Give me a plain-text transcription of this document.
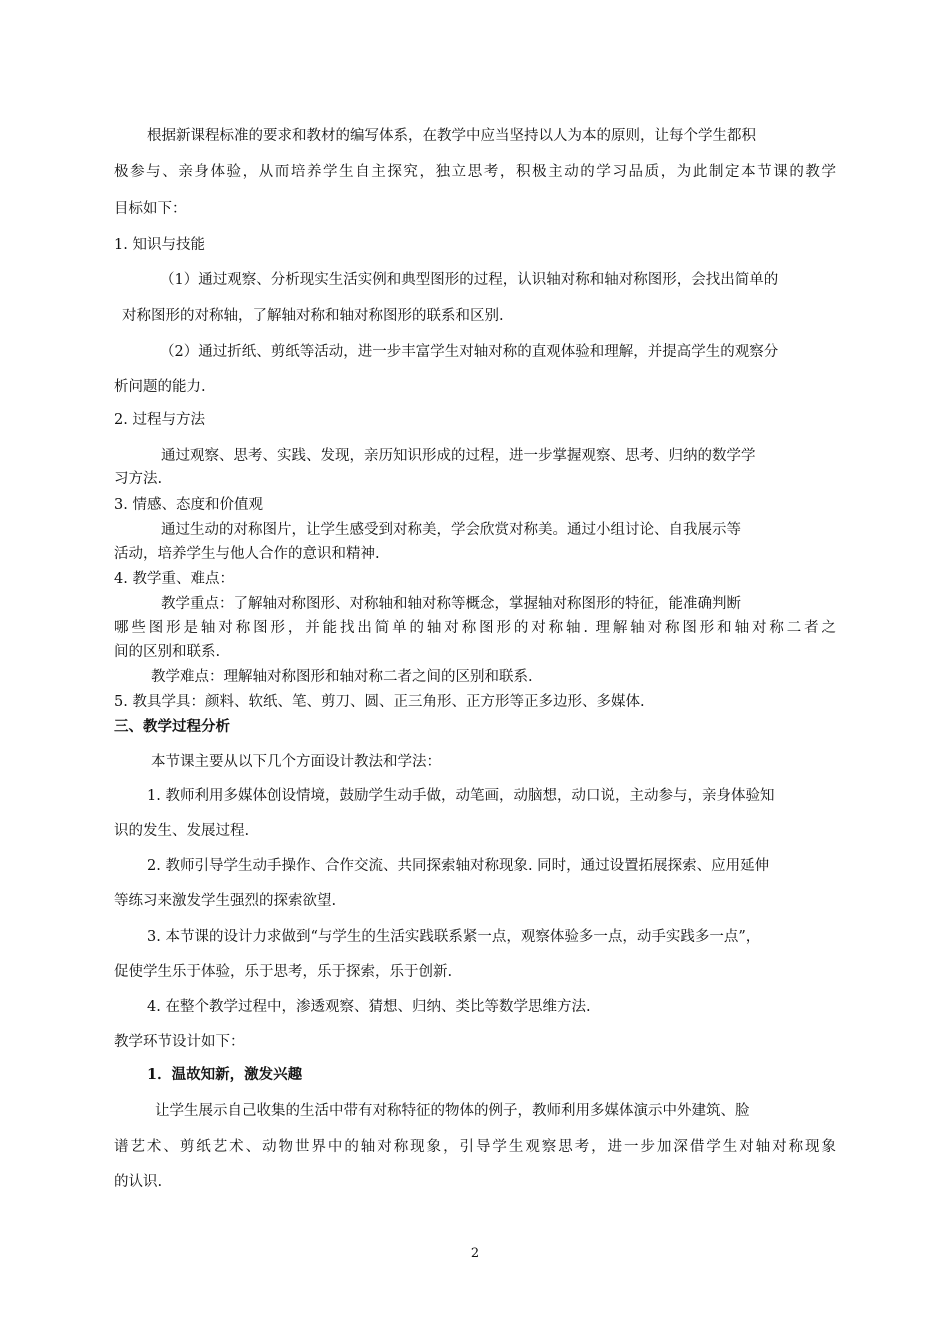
根据新课程标准的要求和教材的编写体系，在教学中应当坚持以人为本的原则，让每个学生都积
极参与、亲身体验，从而培养学生自主探究，独立思考，积极主动的学习品质，为此制定本节课的教学
目标如下：
1. 知识与技能
（1）通过观察、分析现实生活实例和典型图形的过程，认识轴对称和轴对称图形，会找出简单的
对称图形的对称轴，了解轴对称和轴对称图形的联系和区别.
（2）通过折纸、剪纸等活动，进一步丰富学生对轴对称的直观体验和理解，并提高学生的观察分
析问题的能力.
2. 过程与方法
通过观察、思考、实践、发现，亲历知识形成的过程，进一步掌握观察、思考、归纳的数学学
习方法.
3. 情感、态度和价值观
通过生动的对称图片，让学生感受到对称美，学会欣赏对称美。通过小组讨论、自我展示等
活动，培养学生与他人合作的意识和精神.
4. 教学重、难点：
教学重点：了解轴对称图形、对称轴和轴对称等概念，掌握轴对称图形的特征，能准确判断
哪些图形是轴对称图形，并能找出简单的轴对称图形的对称轴. 理解轴对称图形和轴对称二者之
间的区别和联系.
教学难点：理解轴对称图形和轴对称二者之间的区别和联系.
5. 教具学具：颜料、软纸、笔、剪刀、圆、正三角形、正方形等正多边形、多媒体.
三、教学过程分析
本节课主要从以下几个方面设计教法和学法：
1. 教师利用多媒体创设情境，鼓励学生动手做，动笔画，动脑想，动口说，主动参与，亲身体验知
识的发生、发展过程.
2. 教师引导学生动手操作、合作交流、共同探索轴对称现象. 同时，通过设置拓展探索、应用延伸
等练习来激发学生强烈的探索欲望.
3. 本节课的设计力求做到“与学生的生活实践联系紧一点，观察体验多一点，动手实践多一点”，
促使学生乐于体验，乐于思考，乐于探索，乐于创新.
4. 在整个教学过程中，渗透观察、猜想、归纳、类比等数学思维方法.
教学环节设计如下：
1．温故知新，激发兴趣
让学生展示自己收集的生活中带有对称特征的物体的例子，教师利用多媒体演示中外建筑、脸
谱艺术、剪纸艺术、动物世界中的轴对称现象，引导学生观察思考，进一步加深借学生对轴对称现象
的认识.
2
